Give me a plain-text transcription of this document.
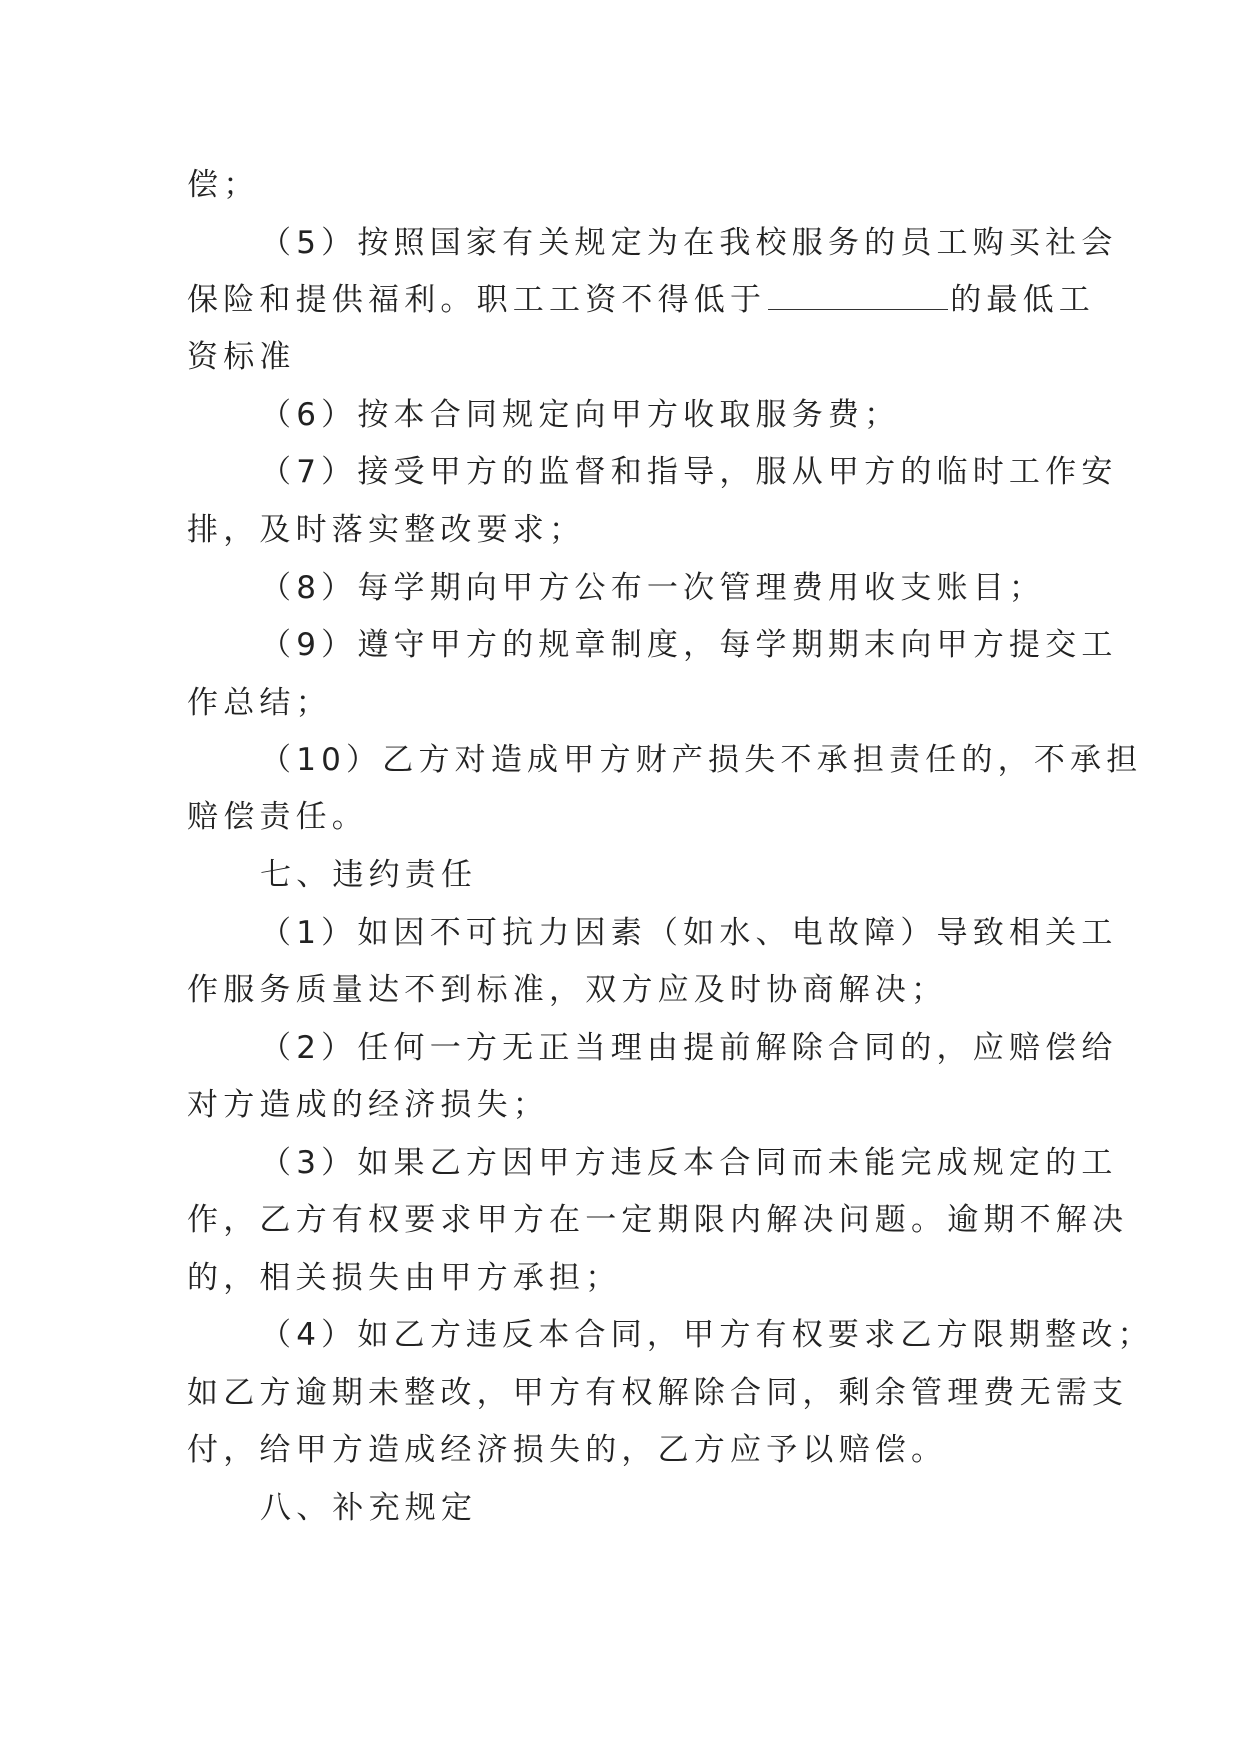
偿；
（5）按照国家有关规定为在我校服务的员工购买社会
保险和提供福利。职工工资不得低于	的最低工
资标准
（6）按本合同规定向甲方收取服务费；
（7）接受甲方的监督和指导，服从甲方的临时工作安
排，及时落实整改要求；
（8）每学期向甲方公布一次管理费用收支账目；
（9）遵守甲方的规章制度，每学期期末向甲方提交工
作总结；
（10）乙方对造成甲方财产损失不承担责任的，不承担
赔偿责任。
七、违约责任
（1）如因不可抗力因素（如水、电故障）导致相关工
作服务质量达不到标准，双方应及时协商解决；
（2）任何一方无正当理由提前解除合同的，应赔偿给
对方造成的经济损失；
（3）如果乙方因甲方违反本合同而未能完成规定的工
作，乙方有权要求甲方在一定期限内解决问题。逾期不解决
的，相关损失由甲方承担；
（4）如乙方违反本合同，甲方有权要求乙方限期整改；
如乙方逾期未整改，甲方有权解除合同，剩余管理费无需支
付，给甲方造成经济损失的，乙方应予以赔偿。
八、补充规定
